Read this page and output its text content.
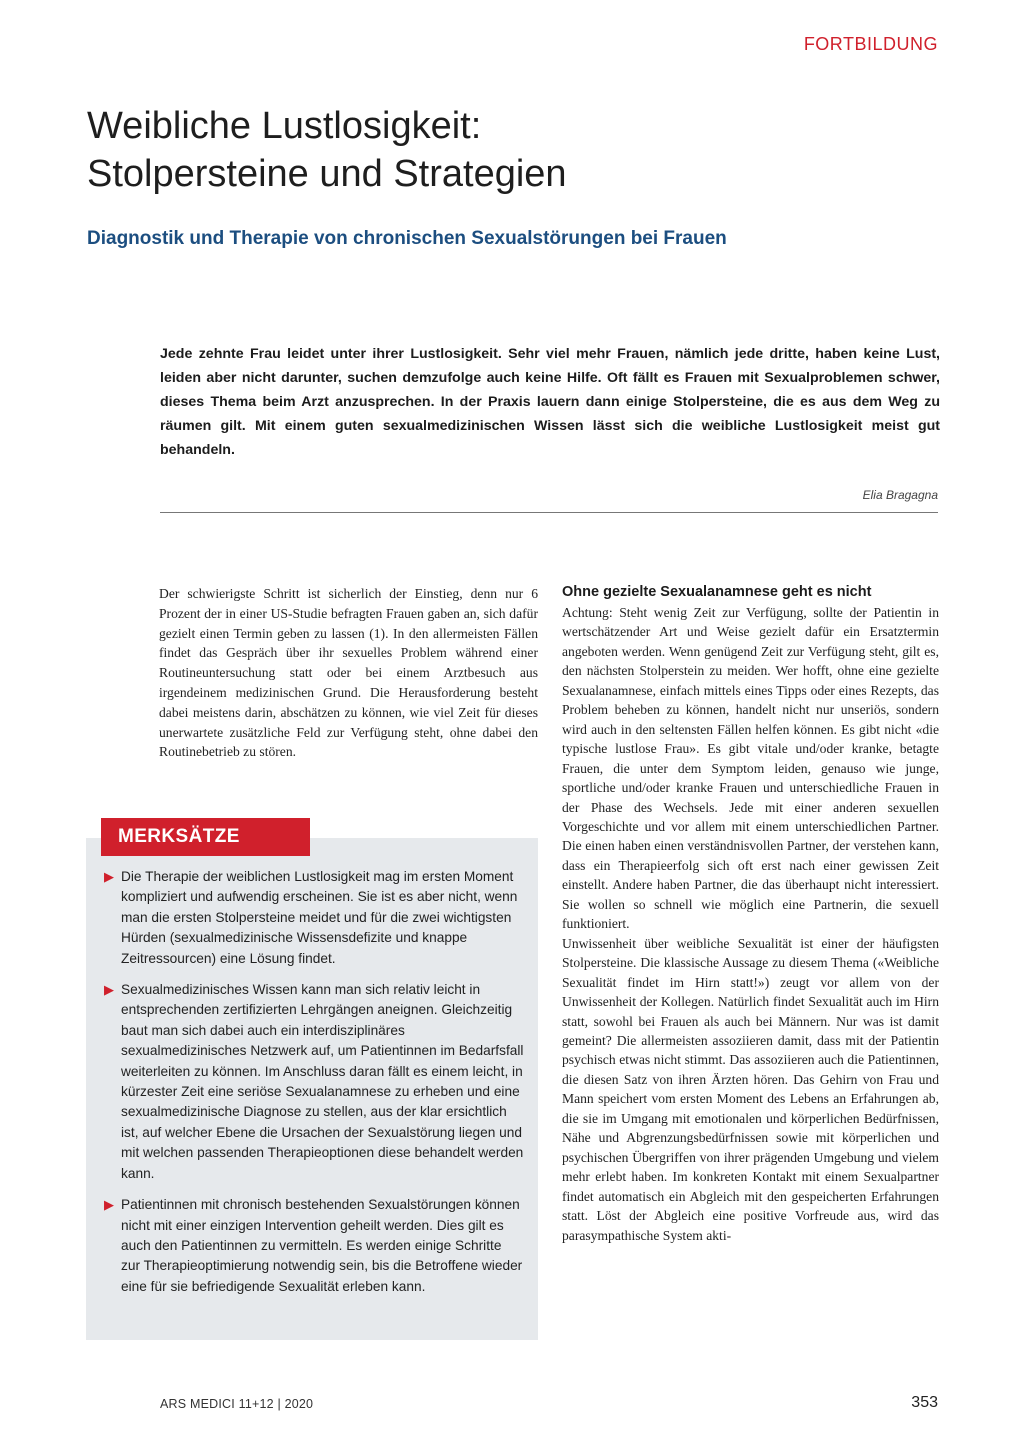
FORTBILDUNG
Weibliche Lustlosigkeit:
Stolpersteine und Strategien
Diagnostik und Therapie von chronischen Sexualstörungen bei Frauen

Jede zehnte Frau leidet unter ihrer Lustlosigkeit. Sehr viel mehr Frauen, nämlich jede dritte, haben keine Lust, leiden aber nicht darunter, suchen demzufolge auch keine Hilfe. Oft fällt es Frauen mit Sexualproblemen schwer, dieses Thema beim Arzt anzusprechen. In der Praxis lauern dann einige Stolpersteine, die es aus dem Weg zu räumen gilt. Mit einem guten sexualmedizinischen Wissen lässt sich die weibliche Lustlosigkeit meist gut behandeln.

Elia Bragagna

Der schwierigste Schritt ist sicherlich der Einstieg, denn nur 6 Prozent der in einer US-Studie befragten Frauen gaben an, sich dafür gezielt einen Termin geben zu lassen (1). In den allermeisten Fällen findet das Gespräch über ihr sexuelles Problem während einer Routineuntersuchung statt oder bei einem Arztbesuch aus irgendeinem medizinischen Grund. Die Herausforderung besteht dabei meistens darin, abschätzen zu können, wie viel Zeit für dieses unerwartete zusätzliche Feld zur Verfügung steht, ohne dabei den Routinebetrieb zu stören.

Ohne gezielte Sexualanamnese geht es nicht

Achtung: Steht wenig Zeit zur Verfügung, sollte der Patientin in wertschätzender Art und Weise gezielt dafür ein Ersatztermin angeboten werden. Wenn genügend Zeit zur Verfügung steht, gilt es, den nächsten Stolperstein zu meiden. Wer hofft, ohne eine gezielte Sexualanamnese, einfach mittels eines Tipps oder eines Rezepts, das Problem beheben zu können, handelt nicht nur unseriös, sondern wird auch in den seltensten Fällen helfen können. Es gibt nicht «die typische lustlose Frau». Es gibt vitale und/oder kranke, betagte Frauen, die unter dem Symptom leiden, genauso wie junge, sportliche und/oder kranke Frauen und unterschiedliche Frauen in der Phase des Wechsels. Jede mit einer anderen sexuellen Vorgeschichte und vor allem mit einem unterschiedlichen Partner. Die einen haben einen verständnisvollen Partner, der verstehen kann, dass ein Therapieerfolg sich oft erst nach einer gewissen Zeit einstellt. Andere haben Partner, die das überhaupt nicht interessiert. Sie wollen so schnell wie möglich eine Partnerin, die sexuell funktioniert.

Unwissenheit über weibliche Sexualität ist einer der häufigsten Stolpersteine. Die klassische Aussage zu diesem Thema («Weibliche Sexualität findet im Hirn statt!») zeugt vor allem von der Unwissenheit der Kollegen. Natürlich findet Sexualität auch im Hirn statt, sowohl bei Frauen als auch bei Männern. Nur was ist damit gemeint? Die allermeisten assoziieren damit, dass mit der Patientin psychisch etwas nicht stimmt. Das assoziieren auch die Patientinnen, die diesen Satz von ihren Ärzten hören. Das Gehirn von Frau und Mann speichert vom ersten Moment des Lebens an Erfahrungen ab, die sie im Umgang mit emotionalen und körperlichen Bedürfnissen, Nähe und Abgrenzungsbedürfnissen sowie mit körperlichen und psychischen Übergriffen von ihrer prägenden Umgebung und vielem mehr erlebt haben. Im konkreten Kontakt mit einem Sexualpartner findet automatisch ein Abgleich mit den gespeicherten Erfahrungen statt. Löst der Abgleich eine positive Vorfreude aus, wird das parasympathische System akti-

MERKSÄTZE
▶ Die Therapie der weiblichen Lustlosigkeit mag im ersten Moment kompliziert und aufwendig erscheinen. Sie ist es aber nicht, wenn man die ersten Stolpersteine meidet und für die zwei wichtigsten Hürden (sexualmedizinische Wissensdefizite und knappe Zeitressourcen) eine Lösung findet.
▶ Sexualmedizinisches Wissen kann man sich relativ leicht in entsprechenden zertifizierten Lehrgängen aneignen. Gleichzeitig baut man sich dabei auch ein interdisziplinäres sexualmedizinisches Netzwerk auf, um Patientinnen im Bedarfsfall weiterleiten zu können. Im Anschluss daran fällt es einem leicht, in kürzester Zeit eine seriöse Sexualanamnese zu erheben und eine sexualmedizinische Diagnose zu stellen, aus der klar ersichtlich ist, auf welcher Ebene die Ursachen der Sexualstörung liegen und mit welchen passenden Therapieoptionen diese behandelt werden kann.
▶ Patientinnen mit chronisch bestehenden Sexualstörungen können nicht mit einer einzigen Intervention geheilt werden. Dies gilt es auch den Patientinnen zu vermitteln. Es werden einige Schritte zur Therapieoptimierung notwendig sein, bis die Betroffene wieder eine für sie befriedigende Sexualität erleben kann.
ARS MEDICI 11+12 | 2020	353
